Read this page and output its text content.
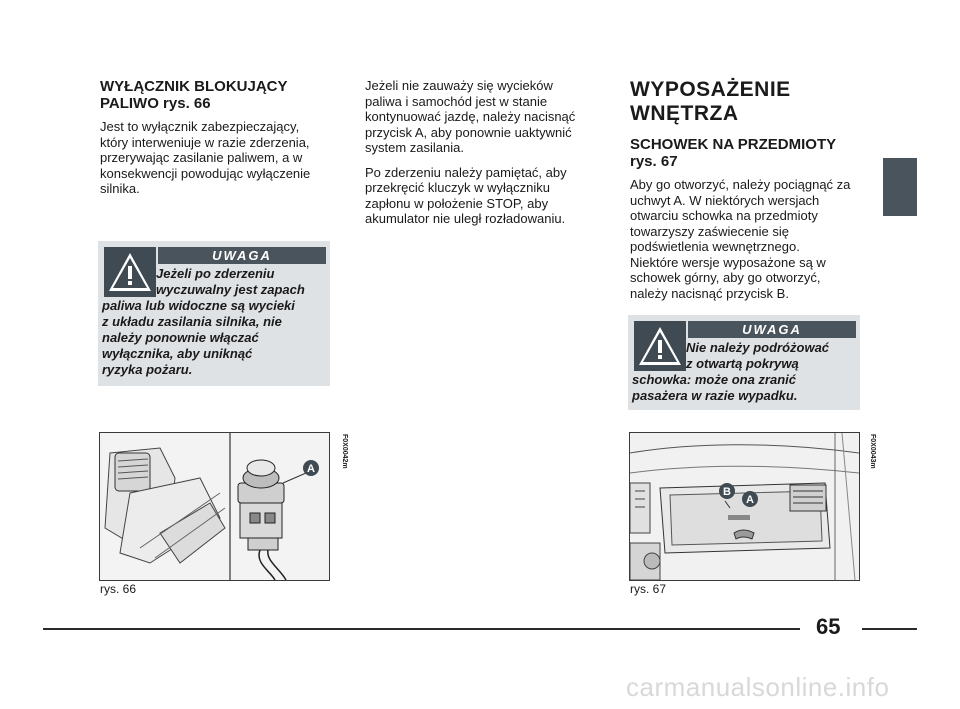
WYŁĄCZNIK BLOKUJĄCY
PALIWO rys. 66

Jest to wyłącznik zabezpieczający,
który interweniuje w razie zderzenia,
przerywając zasilanie paliwem, a w
konsekwencji powodując wyłączenie
silnika.

UWAGA
Jeżeli po zderzeniu
wyczuwalny jest zapach
paliwa lub widoczne są wycieki
z układu zasilania silnika, nie
należy ponownie włączać
wyłącznika, aby uniknąć
ryzyka pożaru.
A
F0X0042m
rys. 66

Jeżeli nie zauważy się wycieków
paliwa i samochód jest w stanie
kontynuować jazdę, należy nacisnąć
przycisk A, aby ponownie uaktywnić
system zasilania.

Po zderzeniu należy pamiętać, aby
przekręcić kluczyk w wyłączniku
zapłonu w położenie STOP, aby
akumulator nie uległ rozładowaniu.

WYPOSAŻENIE
WNĘTRZA

SCHOWEK NA PRZEDMIOTY
rys. 67

Aby go otworzyć, należy pociągnąć za
uchwyt A. W niektórych wersjach
otwarciu schowka na przedmioty
towarzyszy zaświecenie się
podświetlenia wewnętrznego.
Niektóre wersje wyposażone są w
schowek górny, aby go otworzyć,
należy nacisnąć przycisk B.

UWAGA
Nie należy podróżować
z otwartą pokrywą
schowka: może ona zranić
pasażera w razie wypadku.
B
A
F0X0043m
rys. 67
65
carmanualsonline.info
